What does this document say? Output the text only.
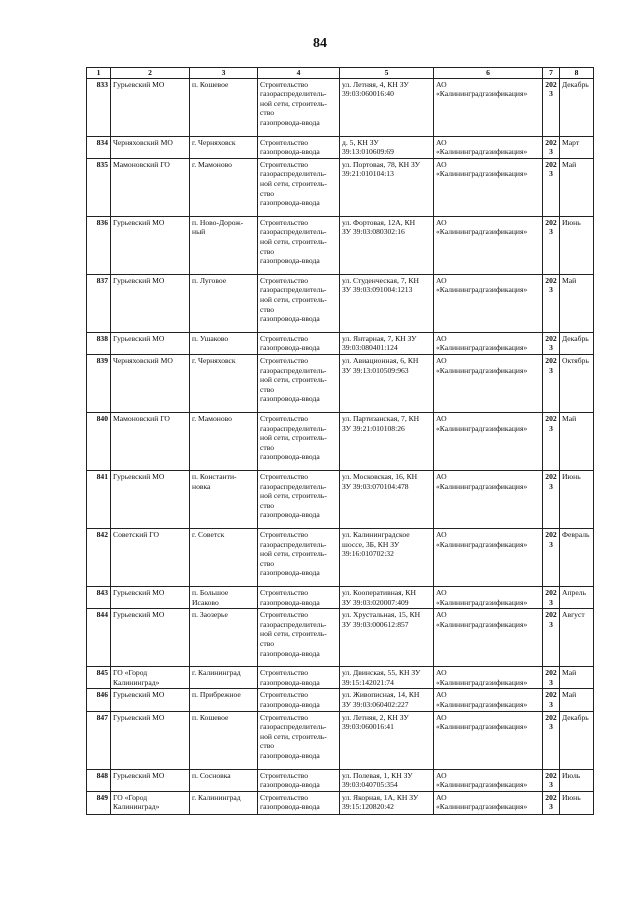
84
1	2	3	4	5	6	7	8
833	Гурьевский МО	п. Кошевое	Строительство
газораспределитель-
ной сети, строитель-
ство
газопровода-ввода	ул. Летняя, 4, КН ЗУ
39:03:060016:40	АО
«Калининградгазификация»	2023	Декабрь
834	Черняховский МО	г. Черняховск	Строительство
газопровода-ввода	д. 5, КН ЗУ
39:13:010609:69	АО
«Калининградгазификация»	2023	Март
835	Мамоновский ГО	г. Мамоново	Строительство
газораспределитель-
ной сети, строитель-
ство
газопровода-ввода	ул. Портовая, 78, КН ЗУ
39:21:010104:13	АО
«Калининградгазификация»	2023	Май
836	Гурьевский МО	п. Ново-Дорож-
ный	Строительство
газораспределитель-
ной сети, строитель-
ство
газопровода-ввода	ул. Фортовая, 12А, КН
ЗУ 39:03:080302:16	АО
«Калининградгазификация»	2023	Июнь
837	Гурьевский МО	п. Луговое	Строительство
газораспределитель-
ной сети, строитель-
ство
газопровода-ввода	ул. Студенческая, 7, КН
ЗУ 39:03:091004:1213	АО
«Калининградгазификация»	2023	Май
838	Гурьевский МО	п. Ушаково	Строительство
газопровода-ввода	ул. Янтарная, 7, КН ЗУ
39:03:080401:124	АО
«Калининградгазификация»	2023	Декабрь
839	Черняховский МО	г. Черняховск	Строительство
газораспределитель-
ной сети, строитель-
ство
газопровода-ввода	ул. Авиационная, 6, КН
ЗУ 39:13:010509:963	АО
«Калининградгазификация»	2023	Октябрь
840	Мамоновский ГО	г. Мамоново	Строительство
газораспределитель-
ной сети, строитель-
ство
газопровода-ввода	ул. Партизанская, 7, КН
ЗУ 39:21:010108:26	АО
«Калининградгазификация»	2023	Май
841	Гурьевский МО	п. Константи-
новка	Строительство
газораспределитель-
ной сети, строитель-
ство
газопровода-ввода	ул. Московская, 16, КН
ЗУ 39:03:070104:478	АО
«Калининградгазификация»	2023	Июнь
842	Советский ГО	г. Советск	Строительство
газораспределитель-
ной сети, строитель-
ство
газопровода-ввода	ул. Калининградское
шоссе, 3Б, КН ЗУ
39:16:010702:32	АО
«Калининградгазификация»	2023	Февраль
843	Гурьевский МО	п. Большое
Исаково	Строительство
газопровода-ввода	ул. Кооперативная, КН
ЗУ 39:03:020007:409	АО
«Калининградгазификация»	2023	Апрель
844	Гурьевский МО	п. Заозерье	Строительство
газораспределитель-
ной сети, строитель-
ство
газопровода-ввода	ул. Хрустальная, 15, КН
ЗУ 39:03:000612:857	АО
«Калининградгазификация»	2023	Август
845	ГО «Город
Калининград»	г. Калининград	Строительство
газопровода-ввода	ул. Двинская, 55, КН ЗУ
39:15:142021:74	АО
«Калининградгазификация»	2023	Май
846	Гурьевский МО	п. Прибрежное	Строительство
газопровода-ввода	ул. Живописная, 14, КН
ЗУ 39:03:060402:227	АО
«Калининградгазификация»	2023	Май
847	Гурьевский МО	п. Кошевое	Строительство
газораспределитель-
ной сети, строитель-
ство
газопровода-ввода	ул. Летняя, 2, КН ЗУ
39:03:060016:41	АО
«Калининградгазификация»	2023	Декабрь
848	Гурьевский МО	п. Сосновка	Строительство
газопровода-ввода	ул. Полевая, 1, КН ЗУ
39:03:040705:354	АО
«Калининградгазификация»	2023	Июль
849	ГО «Город
Калининград»	г. Калининград	Строительство
газопровода-ввода	ул. Якорная, 1А, КН ЗУ
39:15:120820:42	АО
«Калининградгазификация»	2023	Июнь
